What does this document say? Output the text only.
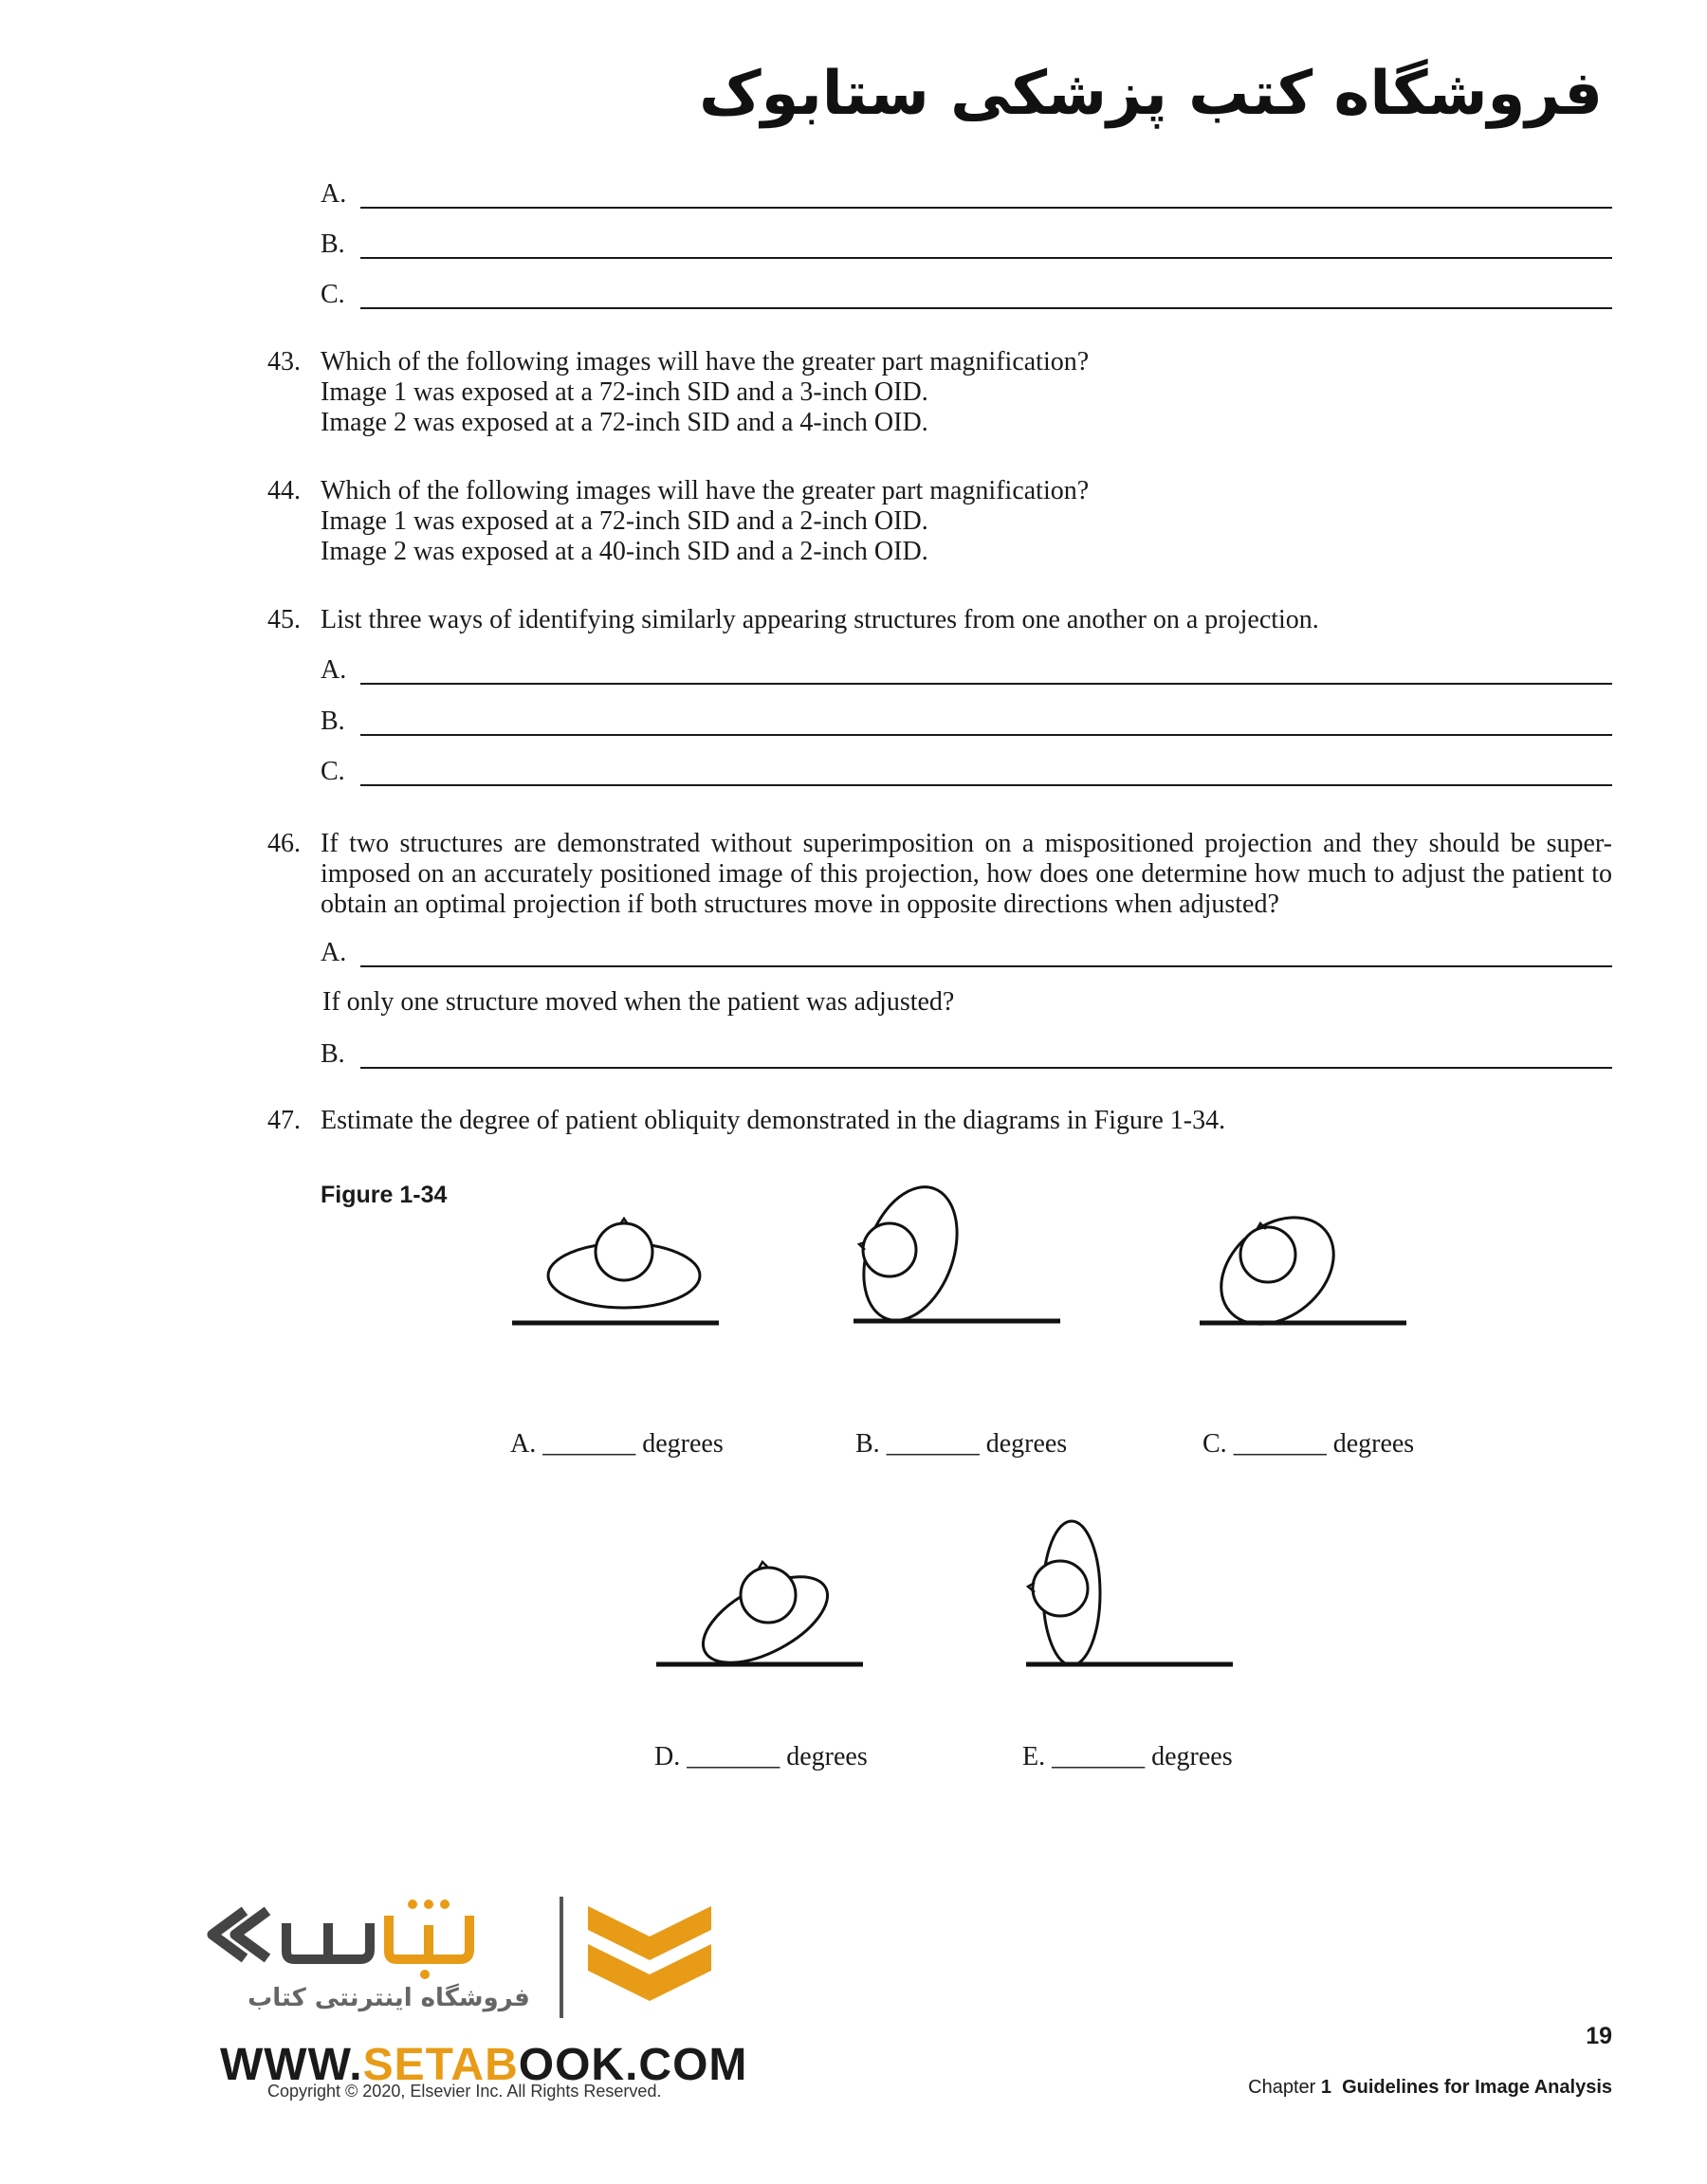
فروشگاه کتب پزشکی ستابوک
A.
B.
C.
43. Which of the following images will have the greater part magnification?
Image 1 was exposed at a 72-inch SID and a 3-inch OID.
Image 2 was exposed at a 72-inch SID and a 4-inch OID.
44. Which of the following images will have the greater part magnification?
Image 1 was exposed at a 72-inch SID and a 2-inch OID.
Image 2 was exposed at a 40-inch SID and a 2-inch OID.
45. List three ways of identifying similarly appearing structures from one another on a projection.
A.
B.
C.
46. If two structures are demonstrated without superimposition on a mispositioned projection and they should be super-imposed on an accurately positioned image of this projection, how does one determine how much to adjust the patient to obtain an optimal projection if both structures move in opposite directions when adjusted?
A.
If only one structure moved when the patient was adjusted?
B.
47. Estimate the degree of patient obliquity demonstrated in the diagrams in Figure 1-34.
Figure 1-34
A. _______ degrees	B. _______ degrees	C. _______ degrees
D. _______ degrees	E. _______ degrees
فروشگاه اینترنتی کتاب
WWW.SETABOOK.COM
Copyright © 2020, Elsevier Inc. All Rights Reserved.
19
Chapter 1 Guidelines for Image Analysis
